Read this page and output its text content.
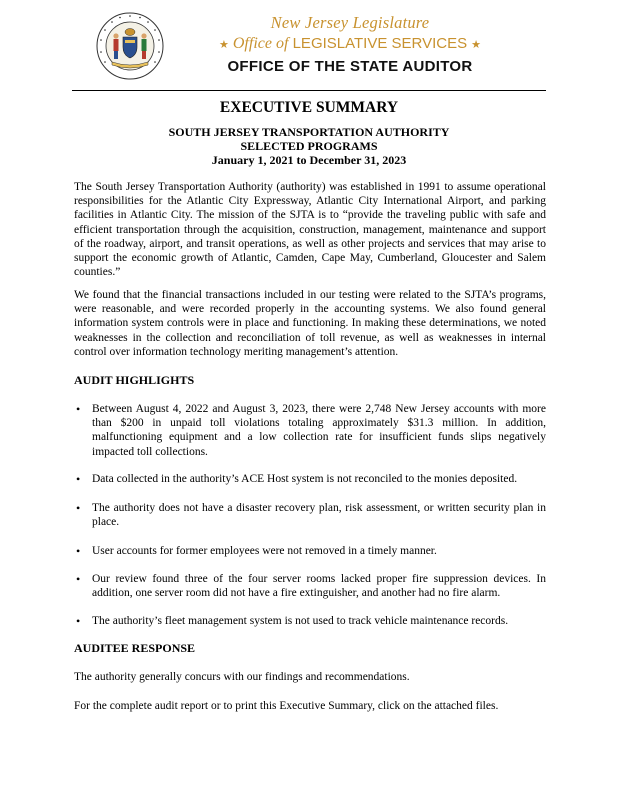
New Jersey Legislature
★ Office of LEGISLATIVE SERVICES ★
OFFICE OF THE STATE AUDITOR
EXECUTIVE SUMMARY
SOUTH JERSEY TRANSPORTATION AUTHORITY
SELECTED PROGRAMS
January 1, 2021 to December 31, 2023

The South Jersey Transportation Authority (authority) was established in 1991 to assume operational responsibilities for the Atlantic City Expressway, Atlantic City International Airport, and parking facilities in Atlantic City. The mission of the SJTA is to “provide the traveling public with safe and efficient transportation through the acquisition, construction, management, maintenance and support of the roadway, airport, and transit operations, as well as other projects and services that may arise to support the economic growth of Atlantic, Camden, Cape May, Cumberland, Gloucester and Salem counties.”

We found that the financial transactions included in our testing were related to the SJTA’s programs, were reasonable, and were recorded properly in the accounting systems. We also found general information system controls were in place and functioning. In making these determinations, we noted weaknesses in the collection and reconciliation of toll revenue, as well as weaknesses in internal control over information technology meriting management’s attention.

AUDIT HIGHLIGHTS
• Between August 4, 2022 and August 3, 2023, there were 2,748 New Jersey accounts with more than $200 in unpaid toll violations totaling approximately $31.3 million. In addition, malfunctioning equipment and a low collection rate for insufficient funds slips negatively impacted toll collections.
• Data collected in the authority’s ACE Host system is not reconciled to the monies deposited.
• The authority does not have a disaster recovery plan, risk assessment, or written security plan in place.
• User accounts for former employees were not removed in a timely manner.
• Our review found three of the four server rooms lacked proper fire suppression devices. In addition, one server room did not have a fire extinguisher, and another had no fire alarm.
• The authority’s fleet management system is not used to track vehicle maintenance records.
AUDITEE RESPONSE
The authority generally concurs with our findings and recommendations.
For the complete audit report or to print this Executive Summary, click on the attached files.
